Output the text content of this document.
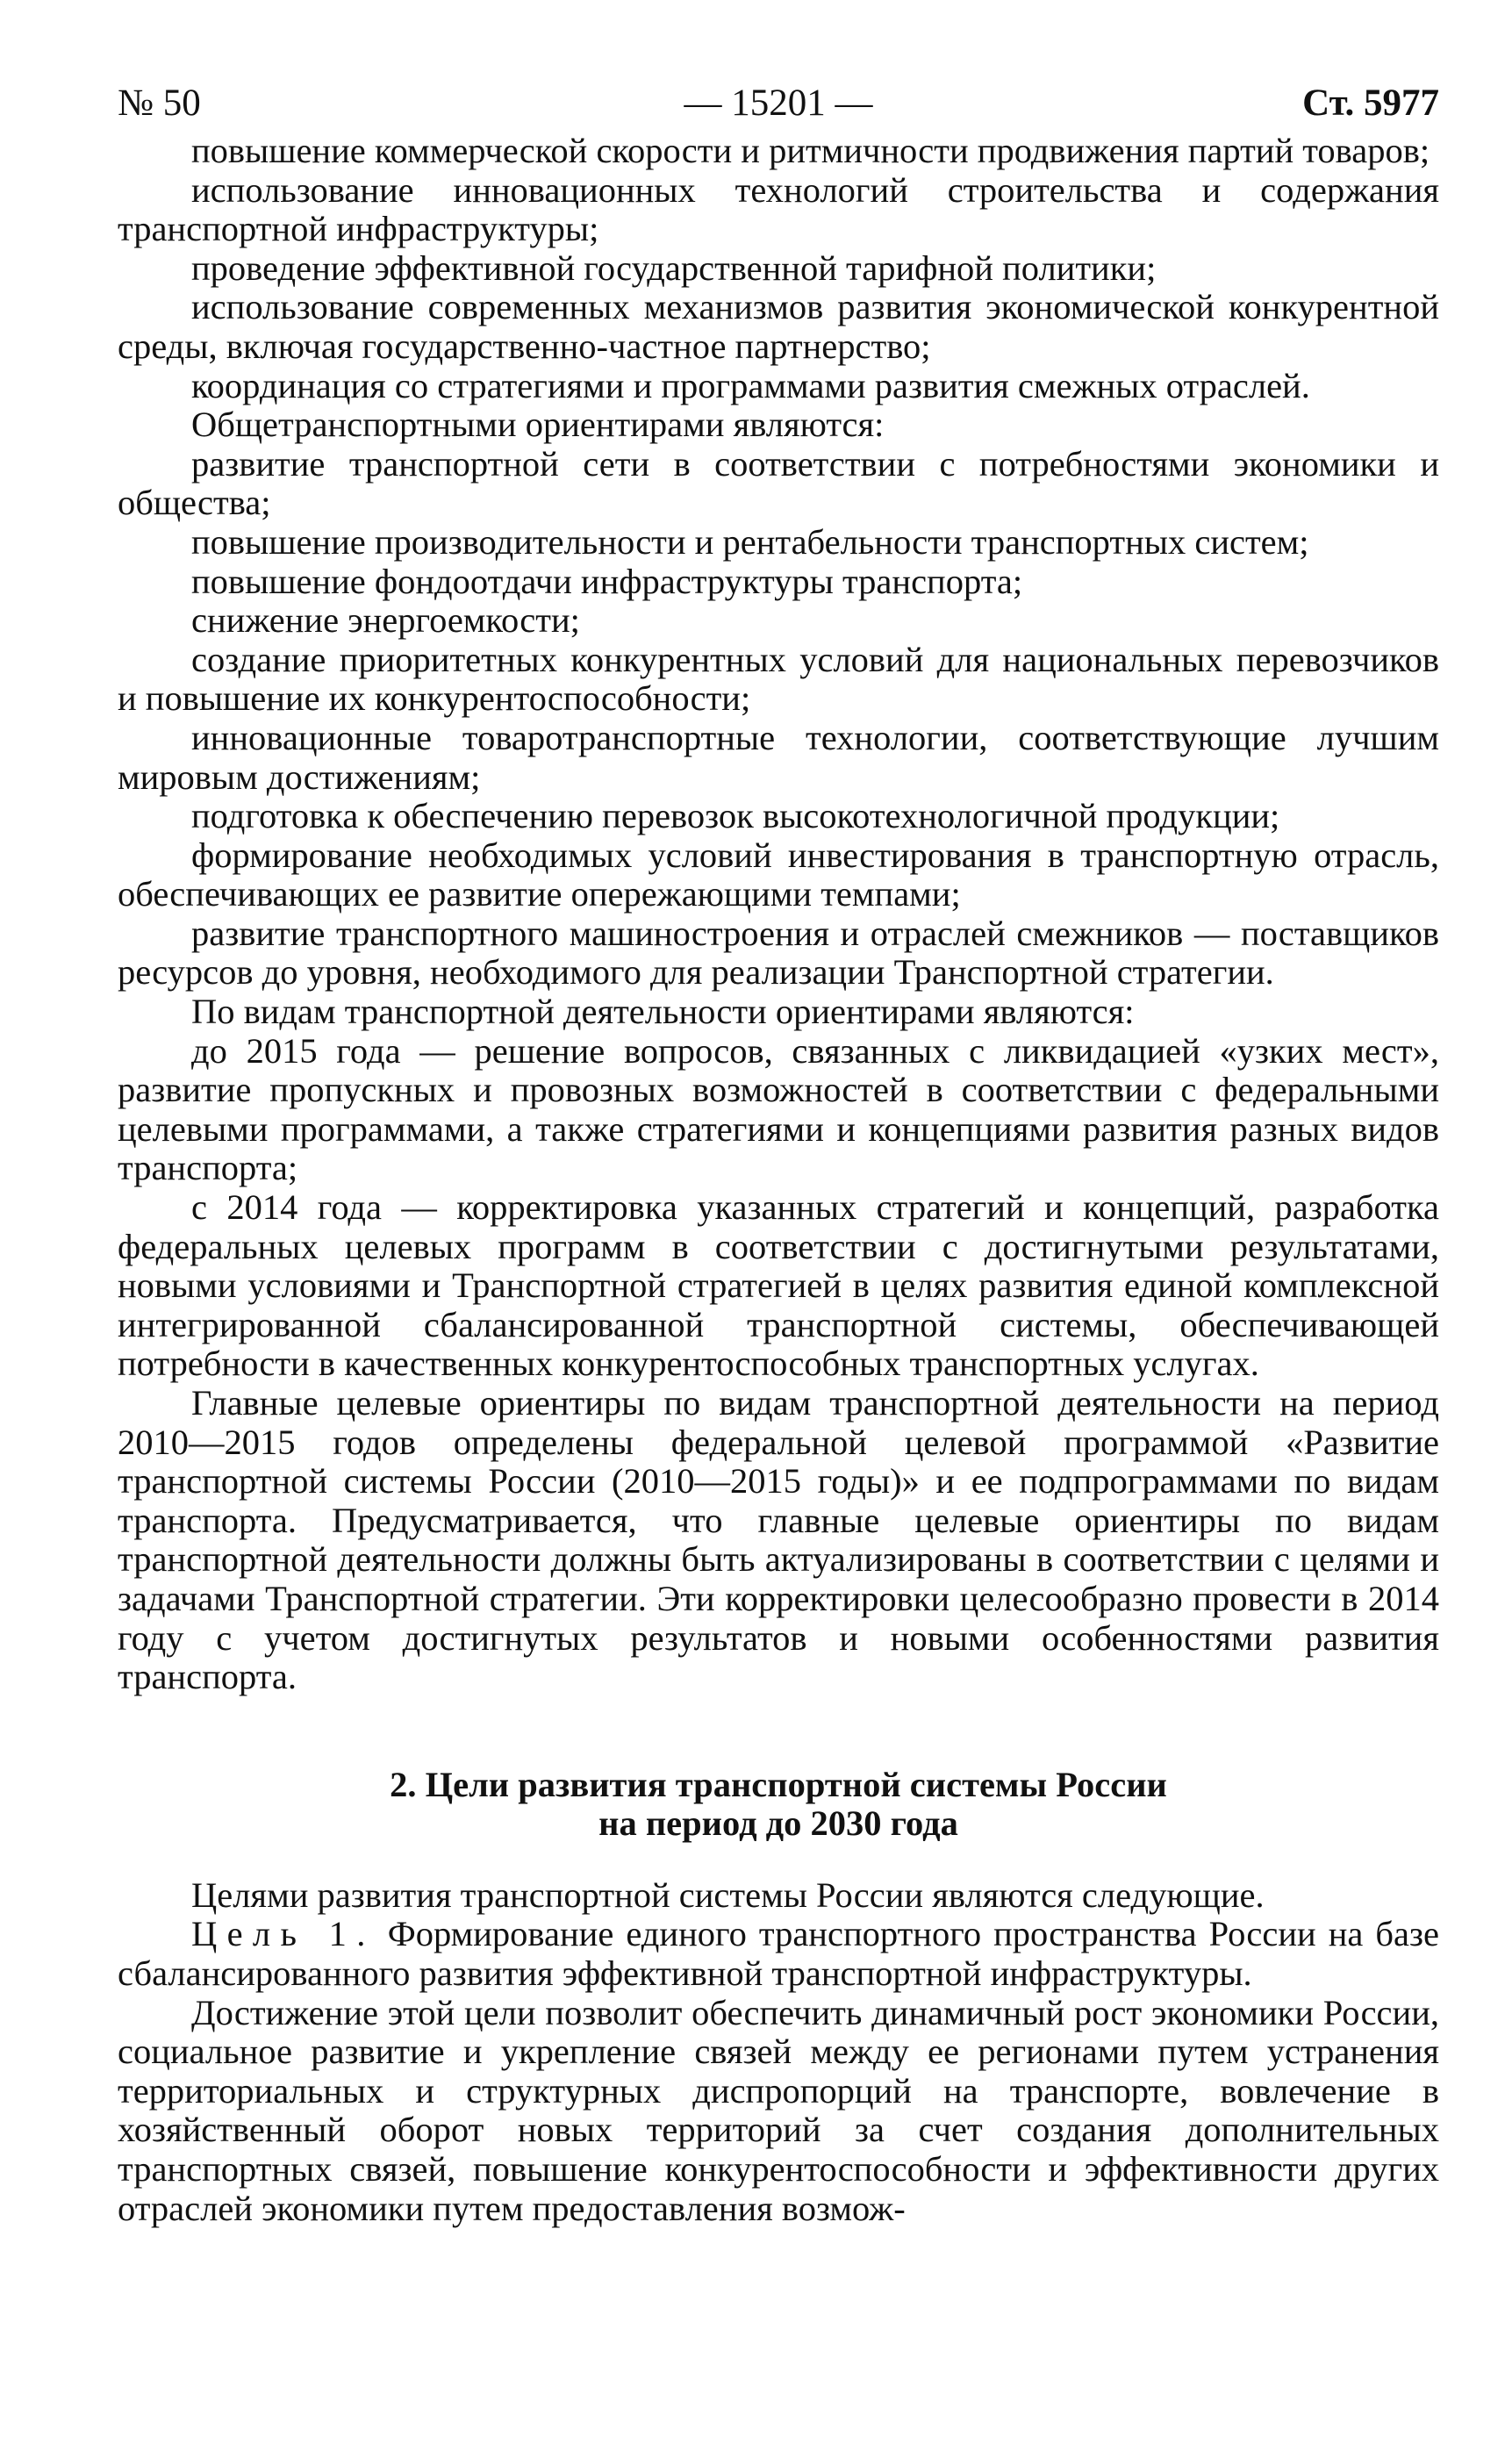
№ 50	— 15201 —	Ст. 5977

повышение коммерческой скорости и ритмичности продвижения партий товаров;

использование инновационных технологий строительства и содержания транспортной инфраструктуры;

проведение эффективной государственной тарифной политики;

использование современных механизмов развития экономической конкурентной среды, включая государственно-частное партнерство;

координация со стратегиями и программами развития смежных отраслей.

Общетранспортными ориентирами являются:

развитие транспортной сети в соответствии с потребностями экономики и общества;

повышение производительности и рентабельности транспортных систем;

повышение фондоотдачи инфраструктуры транспорта;

снижение энергоемкости;

создание приоритетных конкурентных условий для национальных перевозчиков и повышение их конкурентоспособности;

инновационные товаротранспортные технологии, соответствующие лучшим мировым достижениям;

подготовка к обеспечению перевозок высокотехнологичной продукции;

формирование необходимых условий инвестирования в транспортную отрасль, обеспечивающих ее развитие опережающими темпами;

развитие транспортного машиностроения и отраслей смежников — поставщиков ресурсов до уровня, необходимого для реализации Транспортной стратегии.

По видам транспортной деятельности ориентирами являются:

до 2015 года — решение вопросов, связанных с ликвидацией «узких мест», развитие пропускных и провозных возможностей в соответствии с федеральными целевыми программами, а также стратегиями и концепциями развития разных видов транспорта;

с 2014 года — корректировка указанных стратегий и концепций, разработка федеральных целевых программ в соответствии с достигнутыми результатами, новыми условиями и Транспортной стратегией в целях развития единой комплексной интегрированной сбалансированной транспортной системы, обеспечивающей потребности в качественных конкурентоспособных транспортных услугах.

Главные целевые ориентиры по видам транспортной деятельности на период 2010—2015 годов определены федеральной целевой программой «Развитие транспортной системы России (2010—2015 годы)» и ее подпрограммами по видам транспорта. Предусматривается, что главные целевые ориентиры по видам транспортной деятельности должны быть актуализированы в соответствии с целями и задачами Транспортной стратегии. Эти корректировки целесообразно провести в 2014 году с учетом достигнутых результатов и новыми особенностями развития транспорта.

2. Цели развития транспортной системы России
на период до 2030 года

Целями развития транспортной системы России являются следующие.

Цель 1. Формирование единого транспортного пространства России на базе сбалансированного развития эффективной транспортной инфраструктуры.

Достижение этой цели позволит обеспечить динамичный рост экономики России, социальное развитие и укрепление связей между ее регионами путем устранения территориальных и структурных диспропорций на транспорте, вовлечение в хозяйственный оборот новых территорий за счет создания дополнительных транспортных связей, повышение конкурентоспособности и эффективности других отраслей экономики путем предоставления возмож-
